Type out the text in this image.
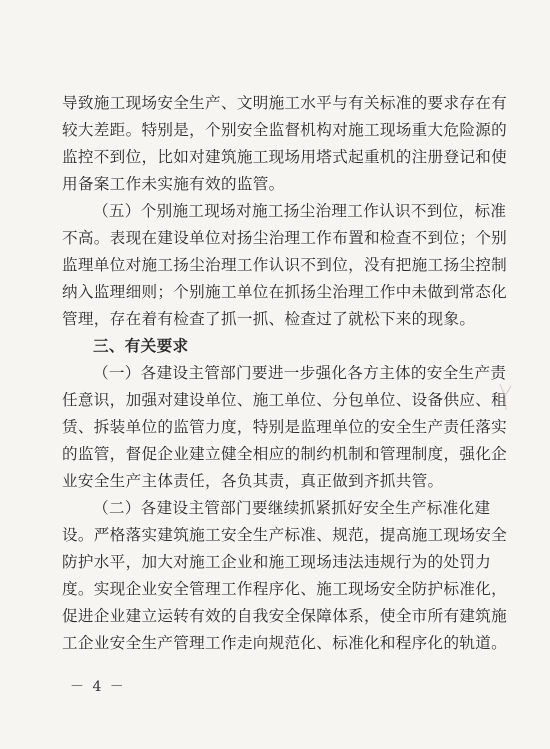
导致施工现场安全生产、文明施工水平与有关标准的要求存在有
较大差距。特别是，个别安全监督机构对施工现场重大危险源的
监控不到位，比如对建筑施工现场用塔式起重机的注册登记和使
用备案工作未实施有效的监管。
（五）个别施工现场对施工扬尘治理工作认识不到位，标准
不高。表现在建设单位对扬尘治理工作布置和检查不到位；个别
监理单位对施工扬尘治理工作认识不到位，没有把施工扬尘控制
纳入监理细则；个别施工单位在抓扬尘治理工作中未做到常态化
管理，存在着有检查了抓一抓、检查过了就松下来的现象。
三、有关要求
（一）各建设主管部门要进一步强化各方主体的安全生产责
任意识，加强对建设单位、施工单位、分包单位、设备供应、租
赁、拆装单位的监管力度，特别是监理单位的安全生产责任落实
的监管，督促企业建立健全相应的制约机制和管理制度，强化企
业安全生产主体责任，各负其责，真正做到齐抓共管。
（二）各建设主管部门要继续抓紧抓好安全生产标准化建
设。严格落实建筑施工安全生产标准、规范，提高施工现场安全
防护水平，加大对施工企业和施工现场违法违规行为的处罚力
度。实现企业安全管理工作程序化、施工现场安全防护标准化，
促进企业建立运转有效的自我安全保障体系，使全市所有建筑施
工企业安全生产管理工作走向规范化、标准化和程序化的轨道。
－ 4 －
